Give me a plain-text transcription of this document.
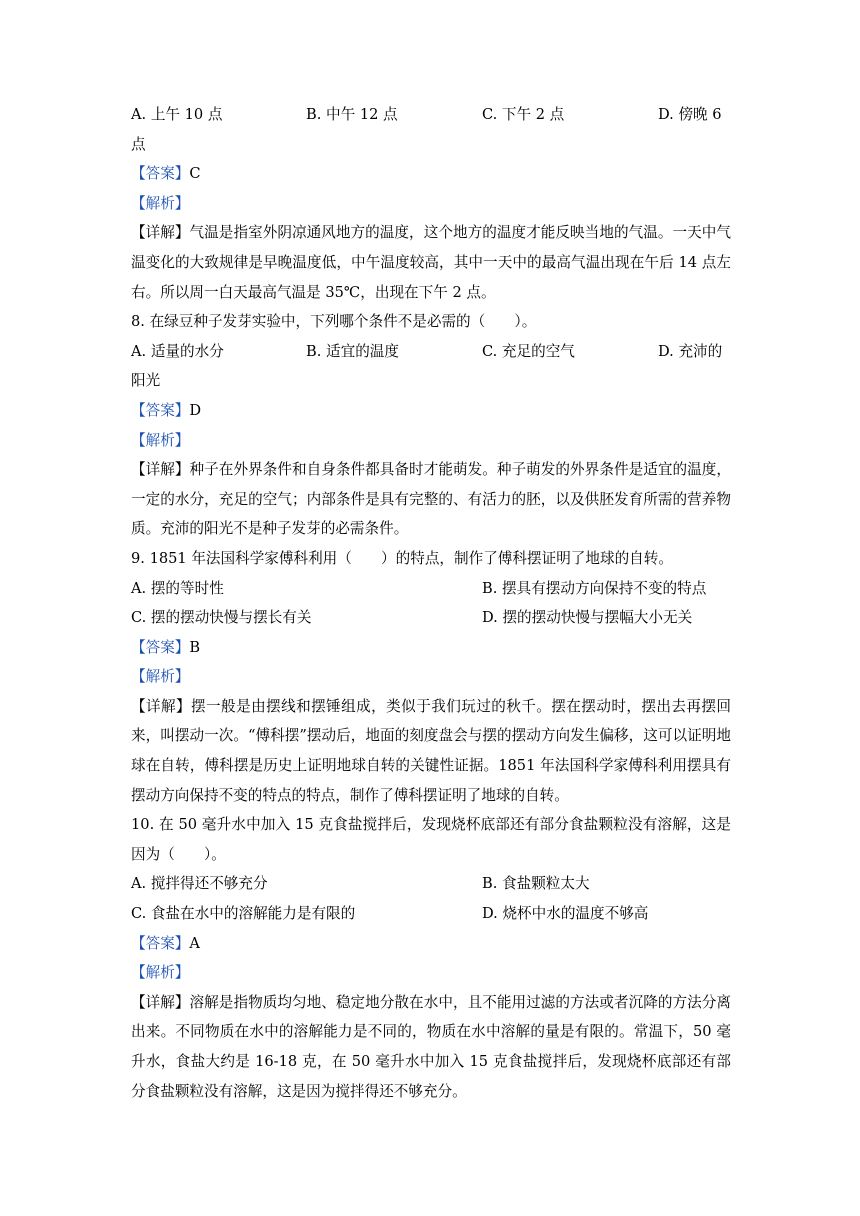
A. 上午 10 点	B. 中午 12 点	C. 下午 2 点	D. 傍晚 6
点
【答案】C
【解析】
【详解】气温是指室外阴凉通风地方的温度，这个地方的温度才能反映当地的气温。一天中气温变化的大致规律是早晚温度低，中午温度较高，其中一天中的最高气温出现在午后 14 点左右。所以周一白天最高气温是 35℃，出现在下午 2 点。
8. 在绿豆种子发芽实验中，下列哪个条件不是必需的（　　）。
A. 适量的水分	B. 适宜的温度	C. 充足的空气	D. 充沛的
阳光
【答案】D
【解析】
【详解】种子在外界条件和自身条件都具备时才能萌发。种子萌发的外界条件是适宜的温度，一定的水分，充足的空气；内部条件是具有完整的、有活力的胚，以及供胚发育所需的营养物质。充沛的阳光不是种子发芽的必需条件。
9. 1851 年法国科学家傅科利用（　　）的特点，制作了傅科摆证明了地球的自转。
A. 摆的等时性	B. 摆具有摆动方向保持不变的特点
C. 摆的摆动快慢与摆长有关	D. 摆的摆动快慢与摆幅大小无关
【答案】B
【解析】
【详解】摆一般是由摆线和摆锤组成，类似于我们玩过的秋千。摆在摆动时，摆出去再摆回来，叫摆动一次。“傅科摆”摆动后，地面的刻度盘会与摆的摆动方向发生偏移，这可以证明地球在自转，傅科摆是历史上证明地球自转的关键性证据。1851 年法国科学家傅科利用摆具有摆动方向保持不变的特点的特点，制作了傅科摆证明了地球的自转。
10. 在 50 毫升水中加入 15 克食盐搅拌后，发现烧杯底部还有部分食盐颗粒没有溶解，这是因为（　　）。
A. 搅拌得还不够充分	B. 食盐颗粒太大
C. 食盐在水中的溶解能力是有限的	D. 烧杯中水的温度不够高
【答案】A
【解析】
【详解】溶解是指物质均匀地、稳定地分散在水中，且不能用过滤的方法或者沉降的方法分离出来。不同物质在水中的溶解能力是不同的，物质在水中溶解的量是有限的。常温下，50 毫升水，食盐大约是 16-18 克，在 50 毫升水中加入 15 克食盐搅拌后，发现烧杯底部还有部分食盐颗粒没有溶解，这是因为搅拌得还不够充分。
